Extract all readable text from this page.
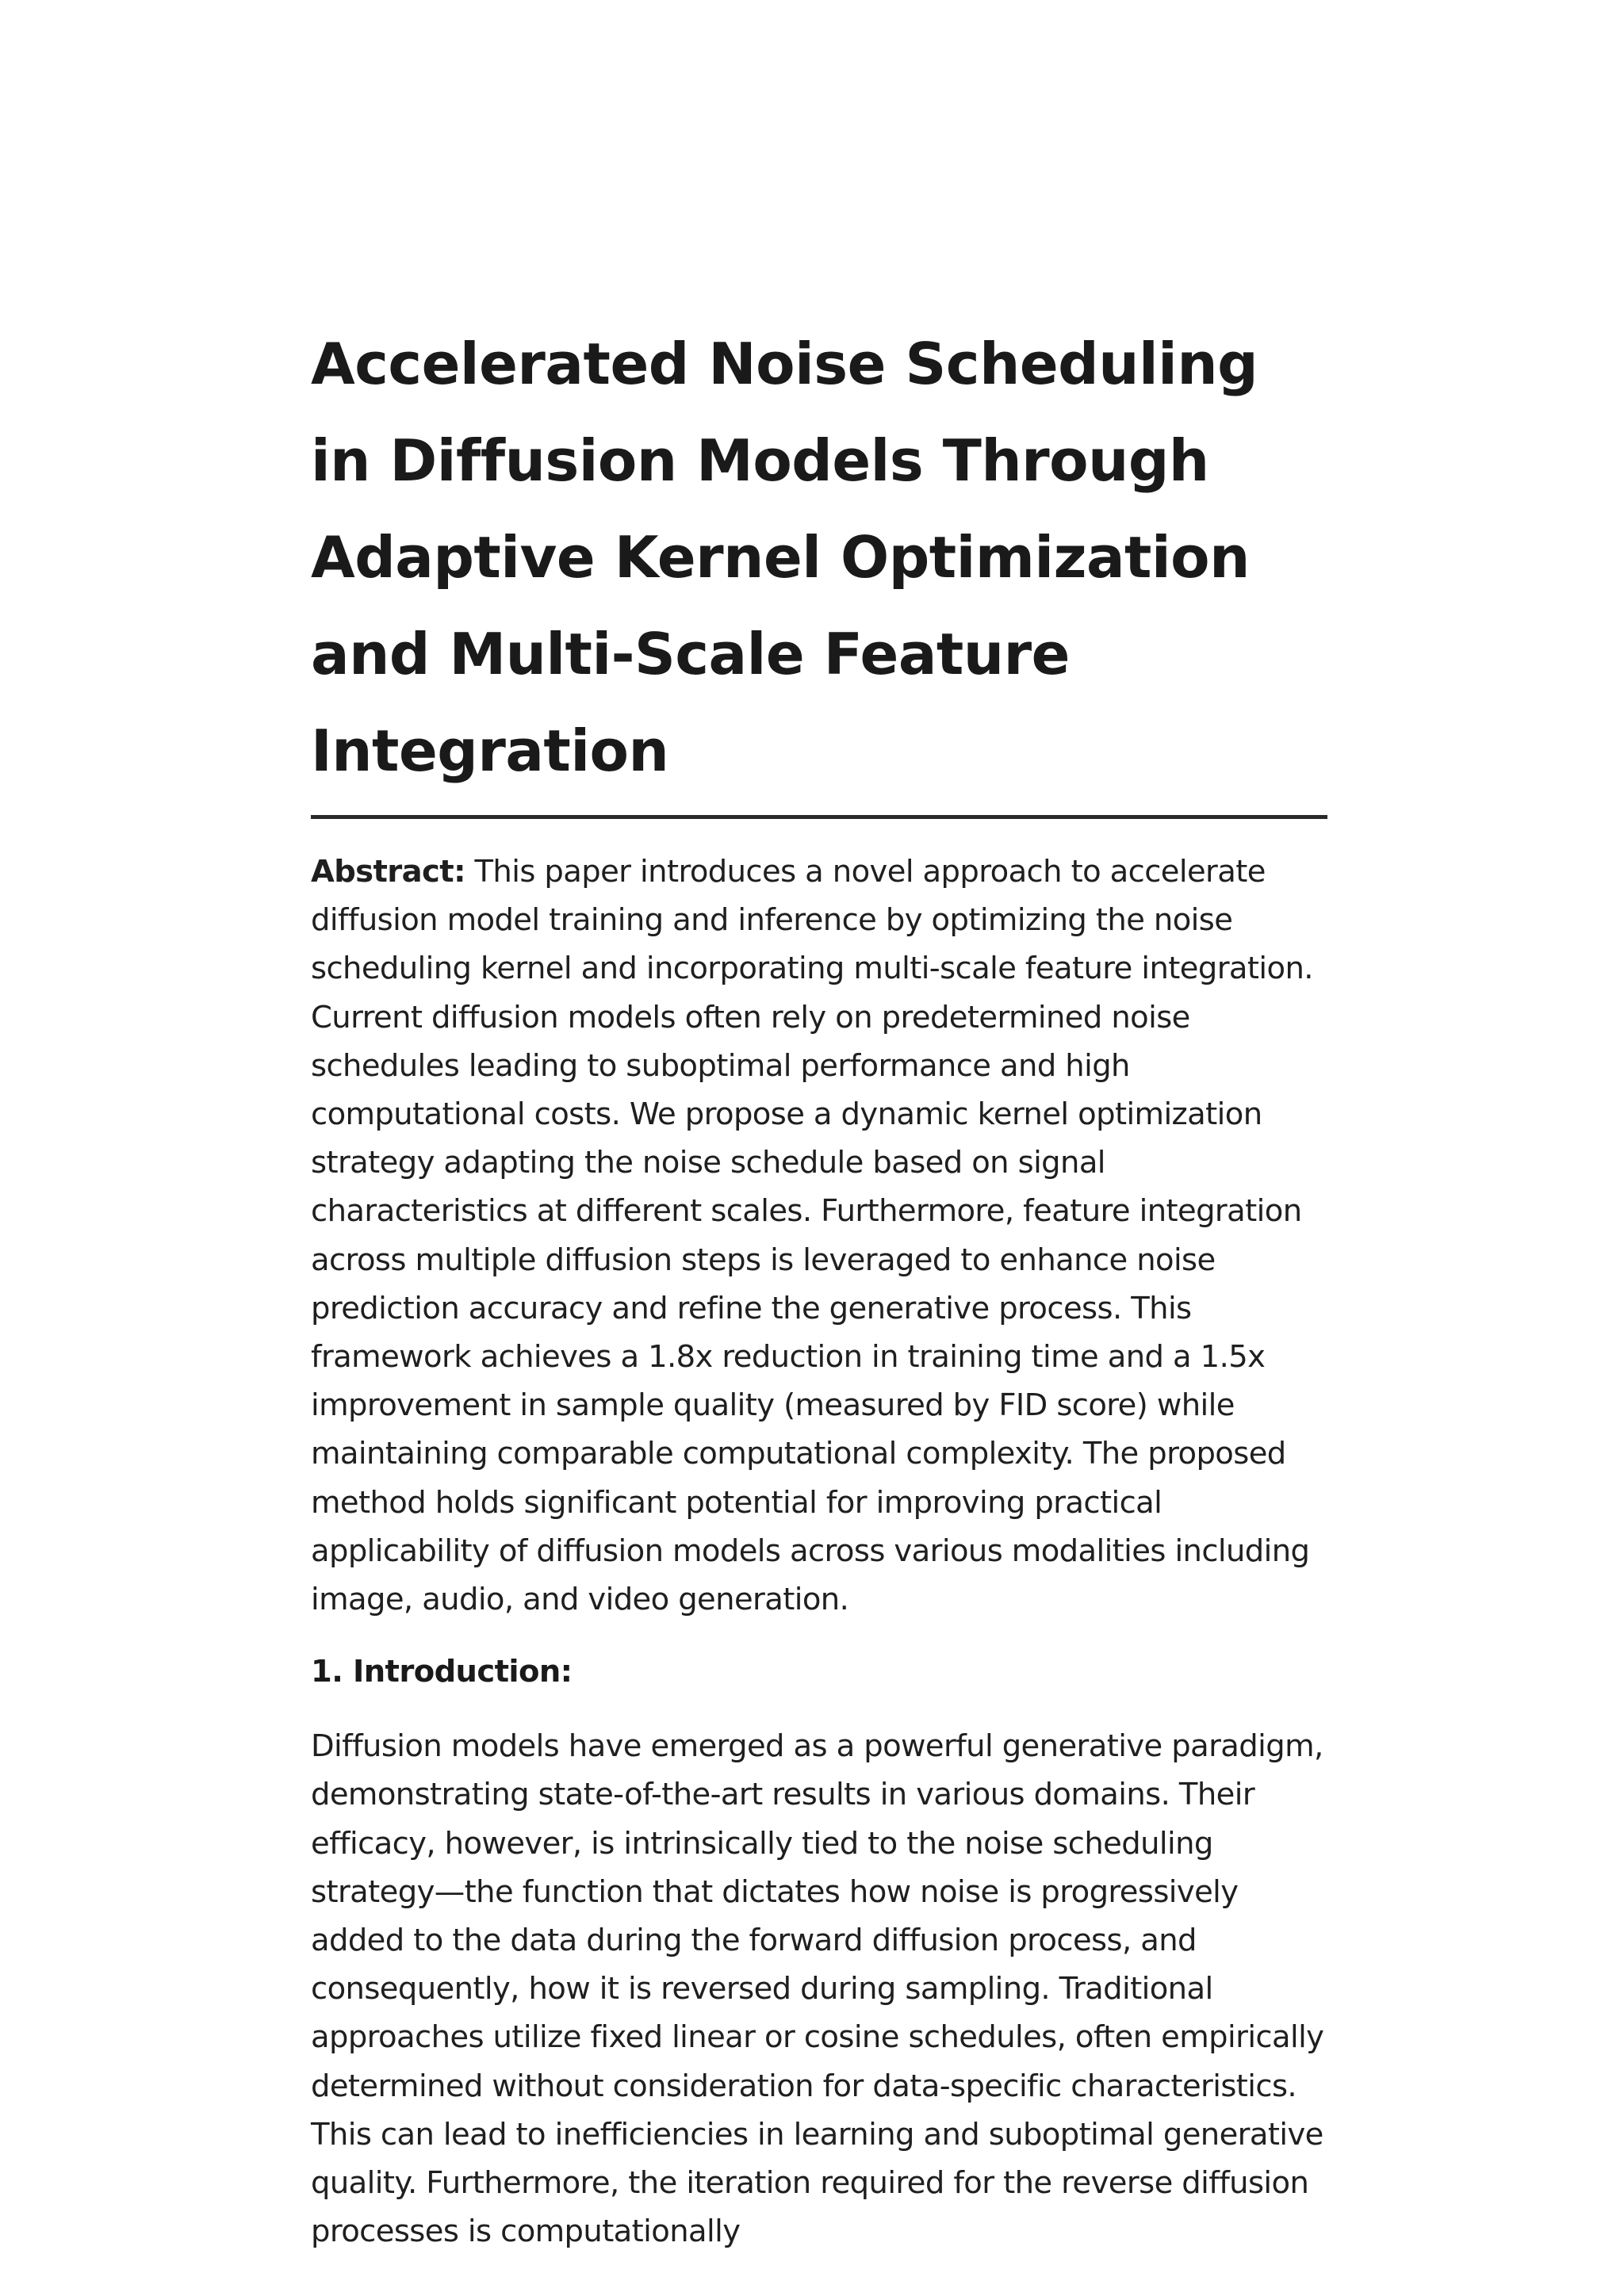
Accelerated Noise Scheduling in Diffusion Models Through Adaptive Kernel Optimization and Multi-Scale Feature Integration

Abstract: This paper introduces a novel approach to accelerate diffusion model training and inference by optimizing the noise scheduling kernel and incorporating multi-scale feature integration. Current diffusion models often rely on predetermined noise schedules leading to suboptimal performance and high computational costs. We propose a dynamic kernel optimization strategy adapting the noise schedule based on signal characteristics at different scales. Furthermore, feature integration across multiple diffusion steps is leveraged to enhance noise prediction accuracy and refine the generative process. This framework achieves a 1.8x reduction in training time and a 1.5x improvement in sample quality (measured by FID score) while maintaining comparable computational complexity. The proposed method holds significant potential for improving practical applicability of diffusion models across various modalities including image, audio, and video generation.

1. Introduction:

Diffusion models have emerged as a powerful generative paradigm, demonstrating state-of-the-art results in various domains. Their efficacy, however, is intrinsically tied to the noise scheduling strategy—the function that dictates how noise is progressively added to the data during the forward diffusion process, and consequently, how it is reversed during sampling. Traditional approaches utilize fixed linear or cosine schedules, often empirically determined without consideration for data-specific characteristics. This can lead to inefficiencies in learning and suboptimal generative quality. Furthermore, the iteration required for the reverse diffusion processes is computationally
